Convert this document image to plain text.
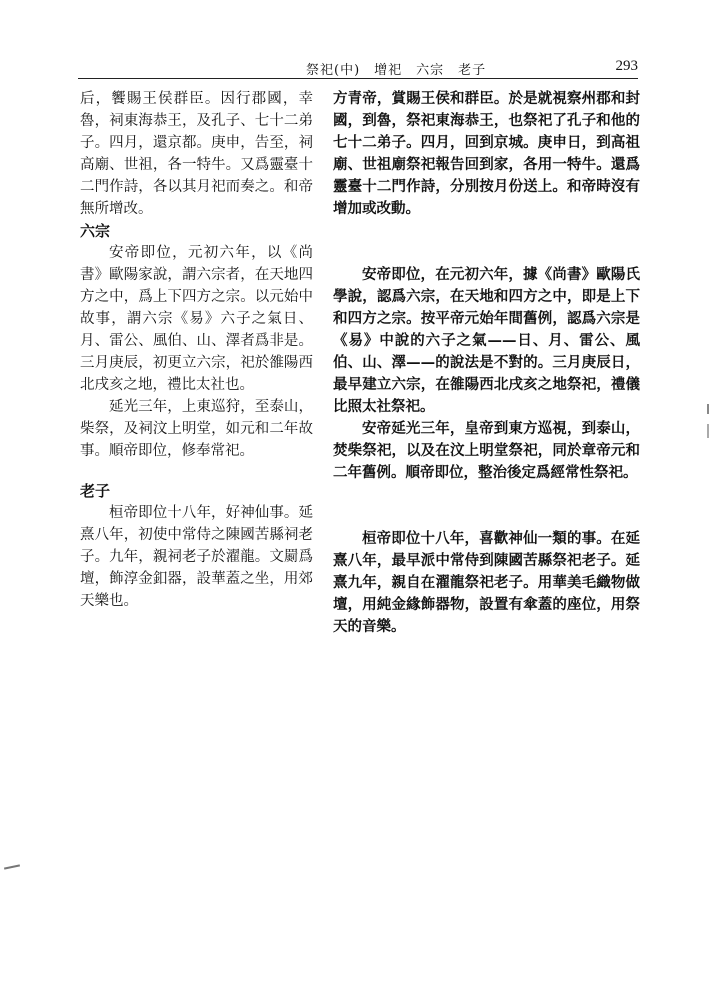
祭祀(中)　增祀　六宗　老子	293

后，饗賜王侯群臣。因行郡國，幸魯，祠東海恭王，及孔子、七十二弟子。四月，還京都。庚申，告至，祠高廟、世祖，各一特牛。又爲靈臺十二門作詩，各以其月祀而奏之。和帝無所增改。

六宗

安帝即位，元初六年，以《尚書》歐陽家說，謂六宗者，在天地四方之中，爲上下四方之宗。以元始中故事，謂六宗《易》六子之氣日、月、雷公、風伯、山、澤者爲非是。三月庚辰，初更立六宗，祀於雒陽西北戌亥之地，禮比太社也。

延光三年，上東巡狩，至泰山，柴祭，及祠汶上明堂，如元和二年故事。順帝即位，修奉常祀。

老子

桓帝即位十八年，好神仙事。延熹八年，初使中常侍之陳國苦縣祠老子。九年，親祠老子於濯龍。文罽爲壇，飾淳金釦器，設華蓋之坐，用郊天樂也。

方青帝，賞賜王侯和群臣。於是就視察州郡和封國，到魯，祭祀東海恭王，也祭祀了孔子和他的七十二弟子。四月，回到京城。庚申日，到高祖廟、世祖廟祭祀報告回到家，各用一特牛。還爲靈臺十二門作詩，分別按月份送上。和帝時沒有增加或改動。

安帝即位，在元初六年，據《尚書》歐陽氏學說，認爲六宗，在天地和四方之中，即是上下和四方之宗。按平帝元始年間舊例，認爲六宗是《易》中說的六子之氣——日、月、雷公、風伯、山、澤——的說法是不對的。三月庚辰日，最早建立六宗，在雒陽西北戌亥之地祭祀，禮儀比照太社祭祀。

安帝延光三年，皇帝到東方巡視，到泰山，焚柴祭祀，以及在汶上明堂祭祀，同於章帝元和二年舊例。順帝即位，整治後定爲經常性祭祀。

桓帝即位十八年，喜歡神仙一類的事。在延熹八年，最早派中常侍到陳國苦縣祭祀老子。延熹九年，親自在濯龍祭祀老子。用華美毛織物做壇，用純金緣飾器物，設置有傘蓋的座位，用祭天的音樂。
